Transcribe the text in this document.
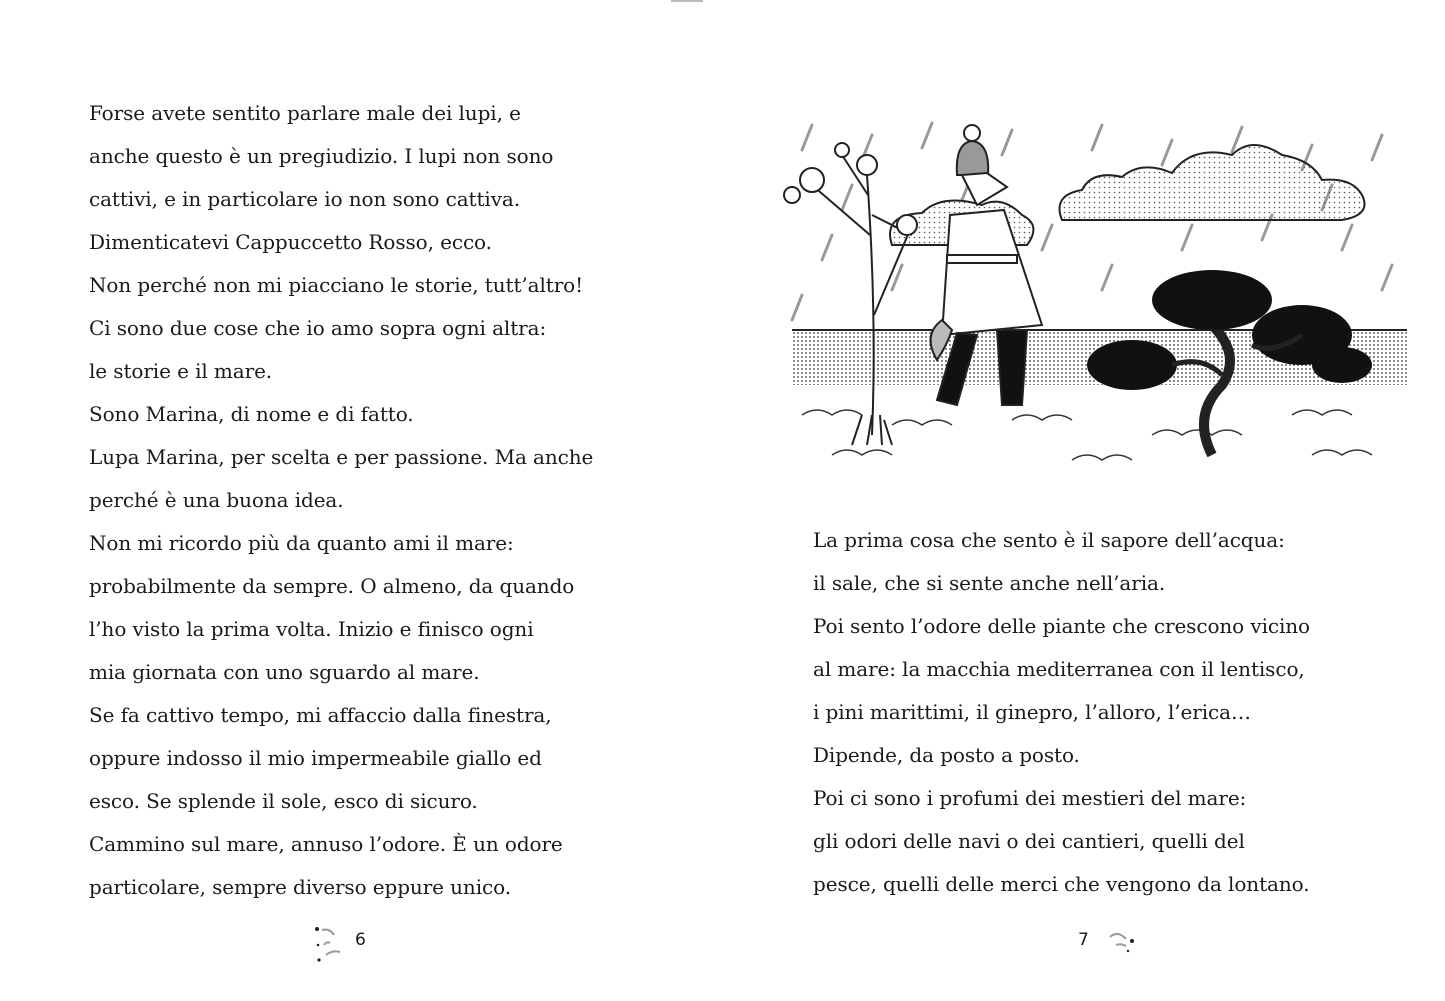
Forse avete sentito parlare male dei lupi, e
anche questo è un pregiudizio. I lupi non sono
cattivi, e in particolare io non sono cattiva.
Dimenticatevi Cappuccetto Rosso, ecco.
Non perché non mi piacciano le storie, tutt’altro!
Ci sono due cose che io amo sopra ogni altra:
le storie e il mare.
Sono Marina, di nome e di fatto.
Lupa Marina, per scelta e per passione. Ma anche
perché è una buona idea.
Non mi ricordo più da quanto ami il mare:
probabilmente da sempre. O almeno, da quando
l’ho visto la prima volta. Inizio e finisco ogni
mia giornata con uno sguardo al mare.
Se fa cattivo tempo, mi affaccio dalla finestra,
oppure indosso il mio impermeabile giallo ed
esco. Se splende il sole, esco di sicuro.
Cammino sul mare, annuso l’odore. È un odore
particolare, sempre diverso eppure unico.
La prima cosa che sento è il sapore dell’acqua:
il sale, che si sente anche nell’aria.
Poi sento l’odore delle piante che crescono vicino
al mare: la macchia mediterranea con il lentisco,
i pini marittimi, il ginepro, l’alloro, l’erica…
Dipende, da posto a posto.
Poi ci sono i profumi dei mestieri del mare:
gli odori delle navi o dei cantieri, quelli del
pesce, quelli delle merci che vengono da lontano.
6	7
